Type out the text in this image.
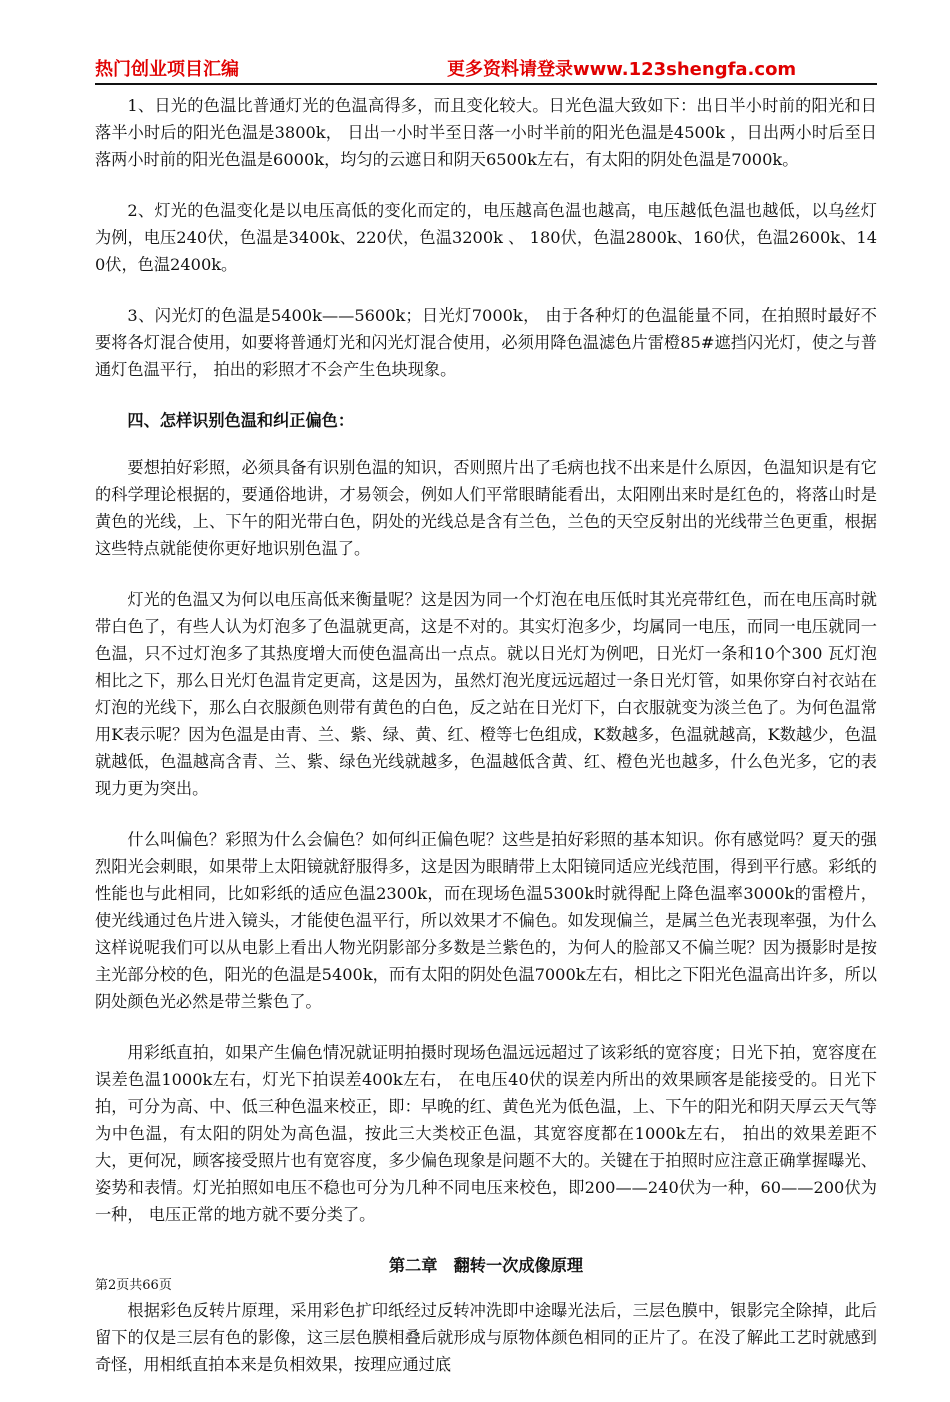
热门创业项目汇编	更多资料请登录www.123shengfa.com

1、日光的色温比普通灯光的色温高得多，而且变化较大。日光色温大致如下：出日半小时前的阳光和日落半小时后的阳光色温是3800k， 日出一小时半至日落一小时半前的阳光色温是4500k ，日出两小时后至日落两小时前的阳光色温是6000k，均匀的云遮日和阴天6500k左右，有太阳的阴处色温是7000k。

2、灯光的色温变化是以电压高低的变化而定的，电压越高色温也越高，电压越低色温也越低，以乌丝灯为例，电压240伏，色温是3400k、220伏，色温3200k 、 180伏，色温2800k、160伏，色温2600k、140伏，色温2400k。

3、闪光灯的色温是5400k——5600k；日光灯7000k， 由于各种灯的色温能量不同，在拍照时最好不要将各灯混合使用，如要将普通灯光和闪光灯混合使用，必须用降色温滤色片雷橙85#遮挡闪光灯，使之与普通灯色温平行， 拍出的彩照才不会产生色块现象。

四、怎样识别色温和纠正偏色：

要想拍好彩照，必须具备有识别色温的知识，否则照片出了毛病也找不出来是什么原因，色温知识是有它的科学理论根据的，要通俗地讲，才易领会，例如人们平常眼睛能看出，太阳刚出来时是红色的，将落山时是黄色的光线，上、下午的阳光带白色，阴处的光线总是含有兰色，兰色的天空反射出的光线带兰色更重，根据这些特点就能使你更好地识别色温了。

灯光的色温又为何以电压高低来衡量呢？这是因为同一个灯泡在电压低时其光亮带红色，而在电压高时就带白色了，有些人认为灯泡多了色温就更高，这是不对的。其实灯泡多少，均属同一电压，而同一电压就同一色温，只不过灯泡多了其热度增大而使色温高出一点点。就以日光灯为例吧，日光灯一条和10个300 瓦灯泡相比之下，那么日光灯色温肯定更高，这是因为，虽然灯泡光度远远超过一条日光灯管，如果你穿白衬衣站在灯泡的光线下，那么白衣服颜色则带有黄色的白色，反之站在日光灯下，白衣服就变为淡兰色了。为何色温常用K表示呢？因为色温是由青、兰、紫、绿、黄、红、橙等七色组成，K数越多，色温就越高，K数越少，色温就越低，色温越高含青、兰、紫、绿色光线就越多，色温越低含黄、红、橙色光也越多，什么色光多，它的表现力更为突出。

什么叫偏色？彩照为什么会偏色？如何纠正偏色呢？这些是拍好彩照的基本知识。你有感觉吗？夏天的强烈阳光会刺眼，如果带上太阳镜就舒服得多，这是因为眼睛带上太阳镜同适应光线范围，得到平行感。彩纸的性能也与此相同，比如彩纸的适应色温2300k，而在现场色温5300k时就得配上降色温率3000k的雷橙片， 使光线通过色片进入镜头，才能使色温平行，所以效果才不偏色。如发现偏兰，是属兰色光表现率强，为什么这样说呢我们可以从电影上看出人物光阴影部分多数是兰紫色的，为何人的脸部又不偏兰呢？因为摄影时是按主光部分校的色，阳光的色温是5400k，而有太阳的阴处色温7000k左右，相比之下阳光色温高出许多，所以阴处颜色光必然是带兰紫色了。

用彩纸直拍，如果产生偏色情况就证明拍摄时现场色温远远超过了该彩纸的宽容度；日光下拍，宽容度在误差色温1000k左右，灯光下拍误差400k左右， 在电压40伏的误差内所出的效果顾客是能接受的。日光下拍，可分为高、中、低三种色温来校正，即：早晚的红、黄色光为低色温，上、下午的阳光和阴天厚云天气等为中色温，有太阳的阴处为高色温，按此三大类校正色温，其宽容度都在1000k左右， 拍出的效果差距不大，更何况，顾客接受照片也有宽容度，多少偏色现象是问题不大的。关键在于拍照时应注意正确掌握曝光、姿势和表情。灯光拍照如电压不稳也可分为几种不同电压来校色，即200——240伏为一种，60——200伏为一种， 电压正常的地方就不要分类了。

第二章　翻转一次成像原理

根据彩色反转片原理，采用彩色扩印纸经过反转冲洗即中途曝光法后，三层色膜中，银影完全除掉，此后留下的仅是三层有色的影像，这三层色膜相叠后就形成与原物体颜色相同的正片了。在没了解此工艺时就感到奇怪，用相纸直拍本来是负相效果，按理应通过底

第2页共66页
